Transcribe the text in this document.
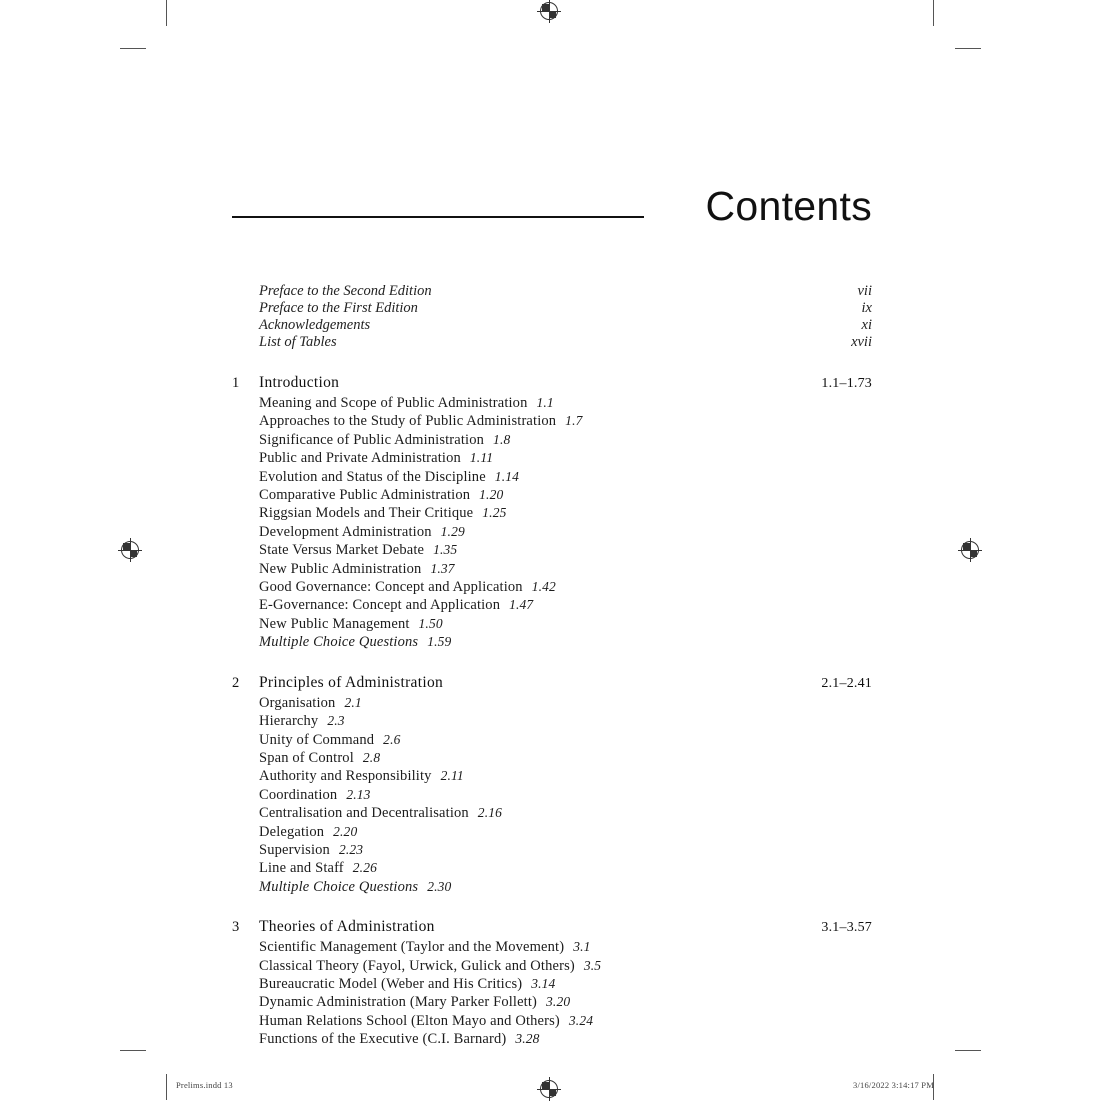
Contents
Preface to the Second Edition	vii
Preface to the First Edition	ix
Acknowledgements	xi
List of Tables	xvii
1	Introduction	1.1–1.73
Meaning and Scope of Public Administration 1.1
Approaches to the Study of Public Administration 1.7
Significance of Public Administration 1.8
Public and Private Administration 1.11
Evolution and Status of the Discipline 1.14
Comparative Public Administration 1.20
Riggsian Models and Their Critique 1.25
Development Administration 1.29
State Versus Market Debate 1.35
New Public Administration 1.37
Good Governance: Concept and Application 1.42
E-Governance: Concept and Application 1.47
New Public Management 1.50
Multiple Choice Questions 1.59
2	Principles of Administration	2.1–2.41
Organisation 2.1
Hierarchy 2.3
Unity of Command 2.6
Span of Control 2.8
Authority and Responsibility 2.11
Coordination 2.13
Centralisation and Decentralisation 2.16
Delegation 2.20
Supervision 2.23
Line and Staff 2.26
Multiple Choice Questions 2.30
3	Theories of Administration	3.1–3.57
Scientific Management (Taylor and the Movement) 3.1
Classical Theory (Fayol, Urwick, Gulick and Others) 3.5
Bureaucratic Model (Weber and His Critics) 3.14
Dynamic Administration (Mary Parker Follett) 3.20
Human Relations School (Elton Mayo and Others) 3.24
Functions of the Executive (C.I. Barnard) 3.28
Prelims.indd 13	3/16/2022 3:14:17 PM
